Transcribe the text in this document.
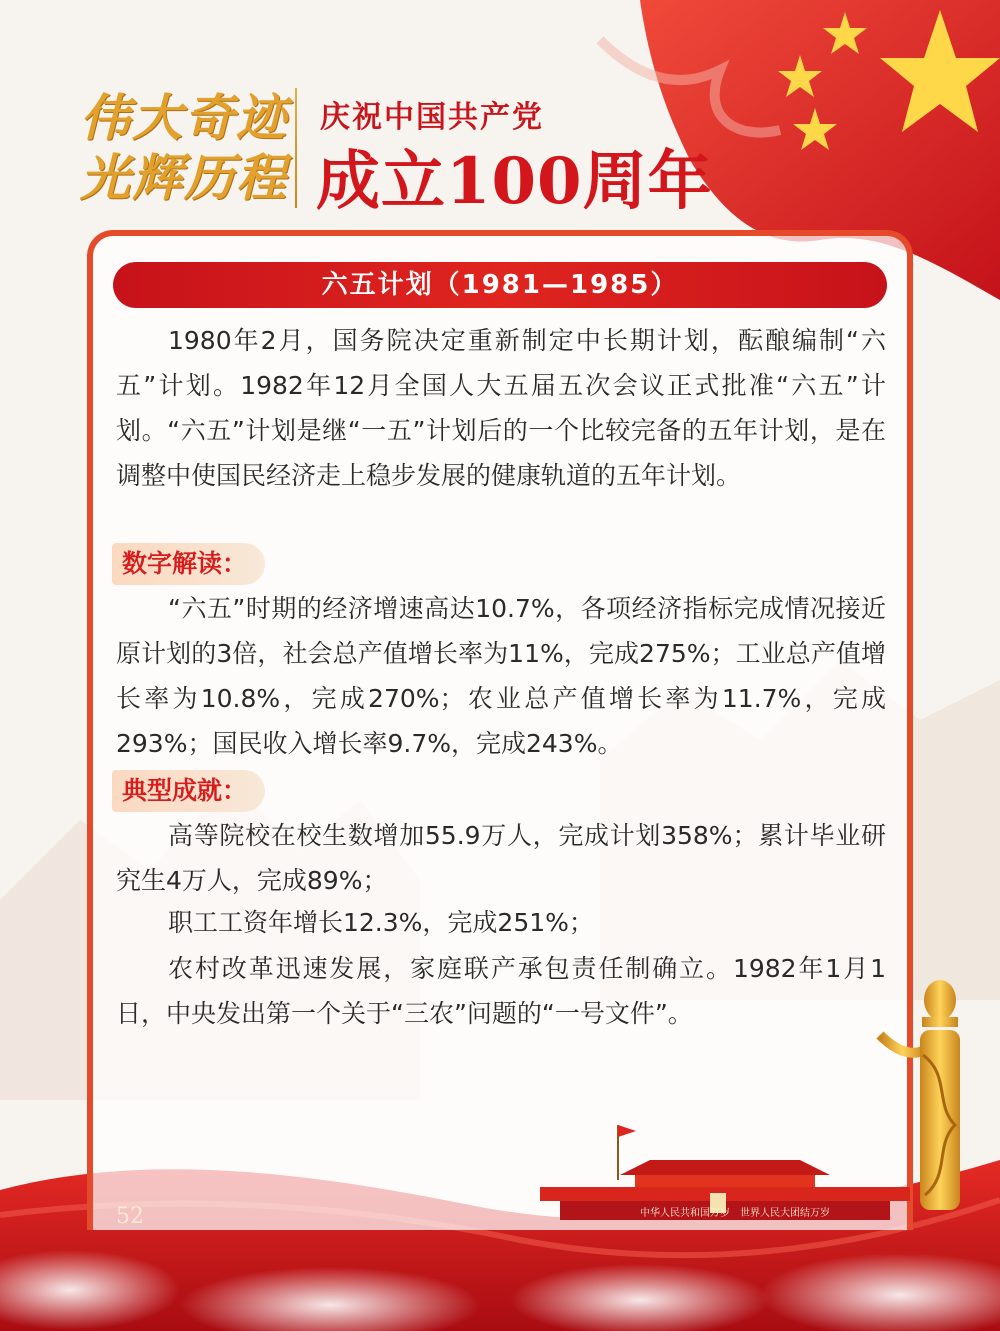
伟大奇迹
光辉历程
庆祝中国共产党
成立100周年
中华人民共和国万岁 世界人民大团结万岁
六五计划（1981—1985）

1980年2月，国务院决定重新制定中长期计划，酝酿编制“六五”计划。1982年12月全国人大五届五次会议正式批准“六五”计划。“六五”计划是继“一五”计划后的一个比较完备的五年计划，是在调整中使国民经济走上稳步发展的健康轨道的五年计划。

数字解读：

“六五”时期的经济增速高达10.7%，各项经济指标完成情况接近原计划的3倍，社会总产值增长率为11%，完成275%；工业总产值增长率为10.8%，完成270%；农业总产值增长率为11.7%，完成293%；国民收入增长率9.7%，完成243%。

典型成就：

高等院校在校生数增加55.9万人，完成计划358%；累计毕业研究生4万人，完成89%；

职工工资年增长12.3%，完成251%；

农村改革迅速发展，家庭联产承包责任制确立。1982年1月1日，中央发出第一个关于“三农”问题的“一号文件”。

52
